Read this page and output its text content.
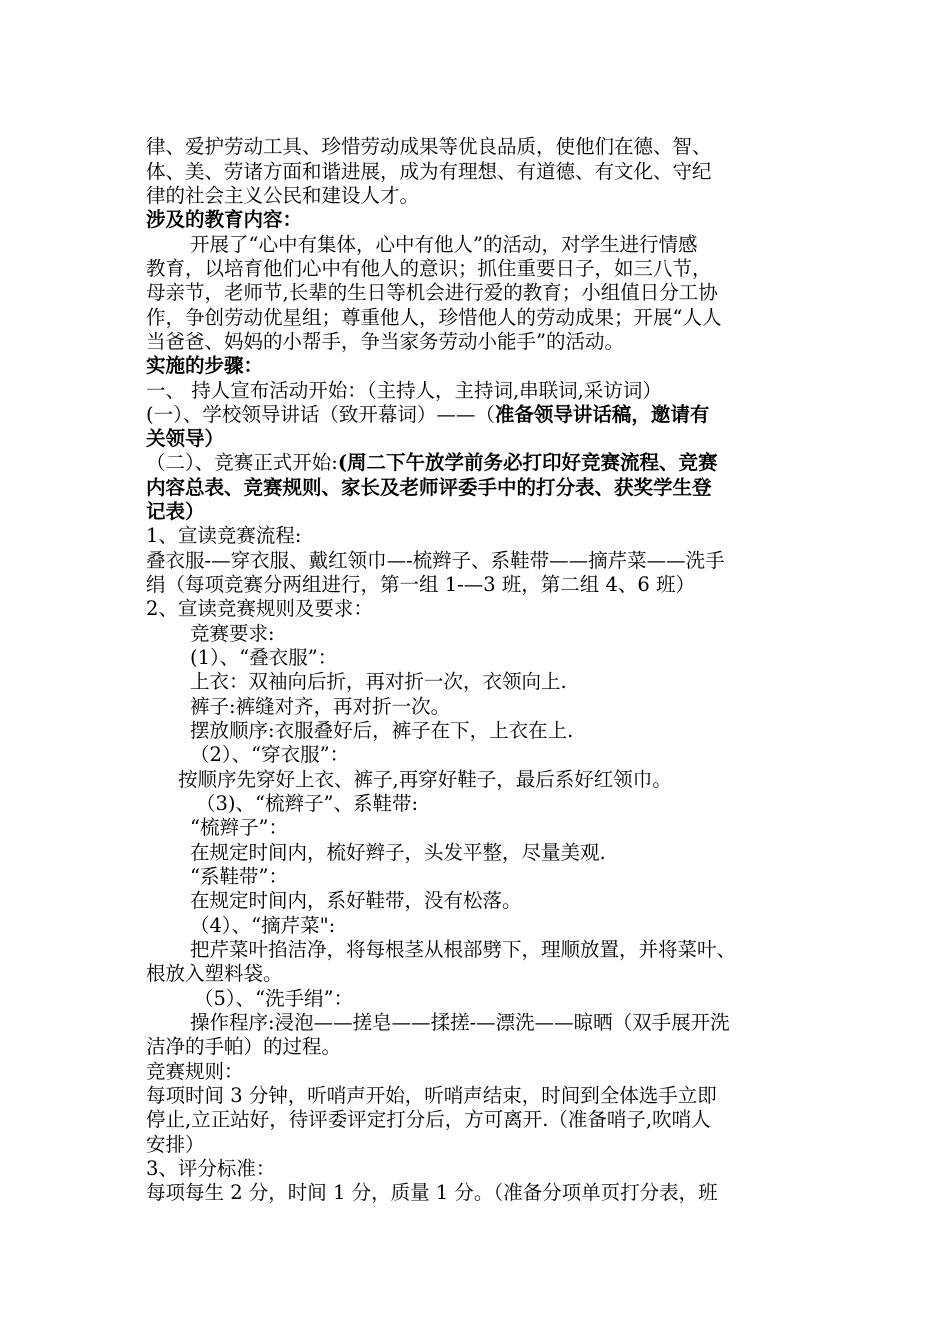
律、爱护劳动工具、珍惜劳动成果等优良品质，使他们在德、智、
体、美、劳诸方面和谐进展，成为有理想、有道德、有文化、守纪
律的社会主义公民和建设人才。
涉及的教育内容：
开展了“心中有集体，心中有他人”的活动，对学生进行情感
教育，以培育他们心中有他人的意识；抓住重要日子，如三八节，
母亲节，老师节,长辈的生日等机会进行爱的教育；小组值日分工协
作，争创劳动优星组；尊重他人，珍惜他人的劳动成果；开展“人人
当爸爸、妈妈的小帮手，争当家务劳动小能手”的活动。
实施的步骤：
一、 持人宣布活动开始：（主持人，主持词,串联词,采访词）
(一）、学校领导讲话（致开幕词）——（准备领导讲话稿，邀请有
关领导）
（二）、竞赛正式开始:(周二下午放学前务必打印好竞赛流程、竞赛
内容总表、竞赛规则、家长及老师评委手中的打分表、获奖学生登
记表）
1、宣读竞赛流程:
叠衣服-—穿衣服、戴红领巾—-梳辫子、系鞋带——摘芹菜——洗手
绢（每项竞赛分两组进行，第一组 1-—3 班，第二组 4、6 班）
2、宣读竞赛规则及要求：
竞赛要求:
(1）、“叠衣服”：
上衣：双袖向后折，再对折一次，衣领向上.
裤子:裤缝对齐，再对折一次。
摆放顺序:衣服叠好后，裤子在下，上衣在上.
（2）、“穿衣服”：
按顺序先穿好上衣、裤子,再穿好鞋子，最后系好红领巾。
（3)、“梳辫子”、系鞋带:
“梳辫子”：
在规定时间内，梳好辫子，头发平整，尽量美观.
“系鞋带”：
在规定时间内，系好鞋带，没有松落。
（4）、“摘芹菜":
把芹菜叶掐洁净，将每根茎从根部劈下，理顺放置，并将菜叶、
根放入塑料袋。
（5）、“洗手绢”：
操作程序:浸泡——搓皂——揉搓-—漂洗——晾晒（双手展开洗
洁净的手帕）的过程。
竞赛规则：
每项时间 3 分钟，听哨声开始，听哨声结束，时间到全体选手立即
停止,立正站好，待评委评定打分后，方可离开.（准备哨子,吹哨人
安排）
3、评分标准：
每项每生 2 分，时间 1 分，质量 1 分。（准备分项单页打分表，班
